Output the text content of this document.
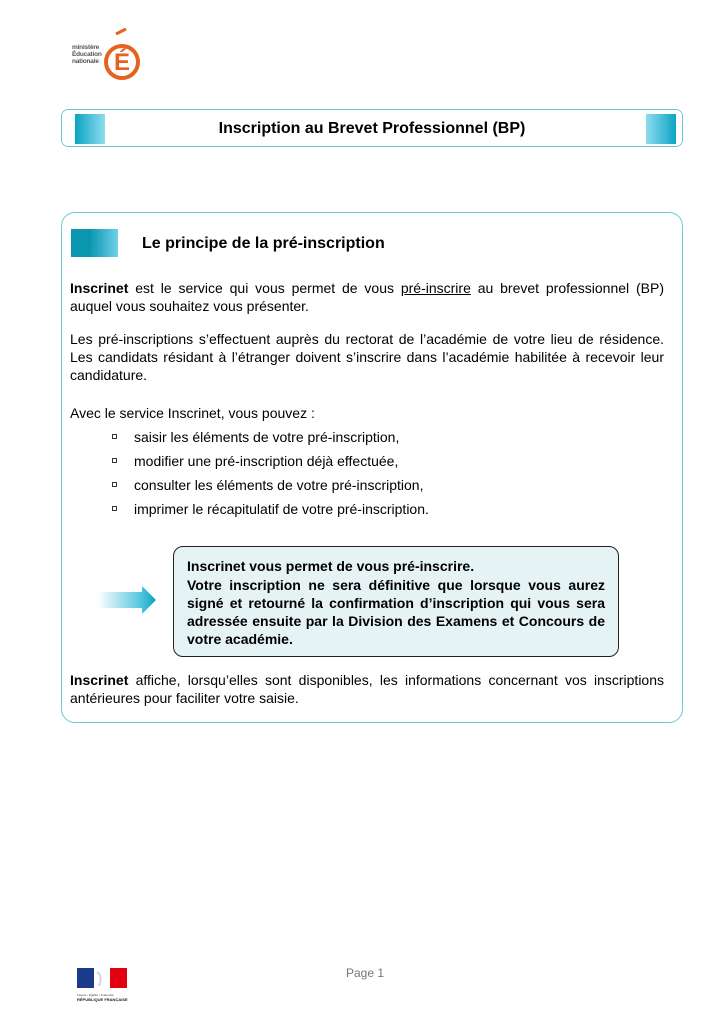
ministère
Éducation
nationale É
Inscription au Brevet Professionnel (BP)
Le principe de la pré-inscription
Inscrinet est le service qui vous permet de vous pré-inscrire au brevet professionnel (BP) auquel vous souhaitez vous présenter.
Les pré-inscriptions s’effectuent auprès du rectorat de l’académie de votre lieu de résidence. Les candidats résidant à l’étranger doivent s’inscrire dans l’académie habilitée à recevoir leur candidature.
Avec le service Inscrinet, vous pouvez :
saisir les éléments de votre pré-inscription,
modifier une pré-inscription déjà effectuée,
consulter les éléments de votre pré-inscription,
imprimer le récapitulatif de votre pré-inscription.
Inscrinet vous permet de vous pré-inscrire.
Votre inscription ne sera définitive que lorsque vous aurez signé et retourné la confirmation d’inscription qui vous sera adressée ensuite par la Division des Examens et Concours de votre académie.
Inscrinet affiche, lorsqu’elles sont disponibles, les informations concernant vos inscriptions antérieures pour faciliter votre saisie.
Liberté • Égalité • Fraternité
RÉPUBLIQUE FRANÇAISE
Page 1
